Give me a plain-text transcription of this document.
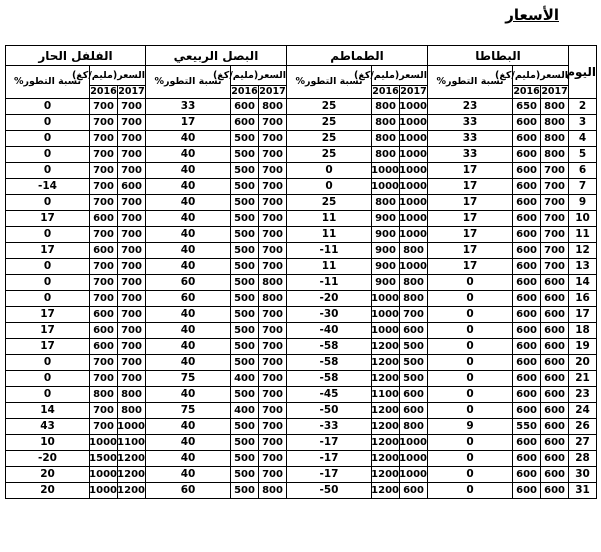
الأسعار
اليوم	البطاطا			الطماطم			البصل الربيعي			الفلفل الحار		
	السعر(مليم/كغ)		نسبة التطور%	السعر(مليم/كغ)		نسبة التطور%	السعر(مليم/كغ)		نسبة التطور%	السعر(مليم/كغ)		نسبة التطور%
	2017	2016		2017	2016		2017	2016		2017	2016	
2	800	650	23	1000	800	25	800	600	33	700	700	0
3	800	600	33	1000	800	25	700	600	17	700	700	0
4	800	600	33	1000	800	25	700	500	40	700	700	0
5	800	600	33	1000	800	25	700	500	40	700	700	0
6	700	600	17	1000	1000	0	700	500	40	700	700	0
7	700	600	17	1000	1000	0	700	500	40	600	700	14-
9	700	600	17	1000	800	25	700	500	40	700	700	0
10	700	600	17	1000	900	11	700	500	40	700	600	17
11	700	600	17	1000	900	11	700	500	40	700	700	0
12	700	600	17	800	900	11-	700	500	40	700	600	17
13	700	600	17	1000	900	11	700	500	40	700	700	0
14	600	600	0	800	900	11-	800	500	60	700	700	0
16	600	600	0	800	1000	20-	800	500	60	700	700	0
17	600	600	0	700	1000	30-	700	500	40	700	600	17
18	600	600	0	600	1000	40-	700	500	40	700	600	17
19	600	600	0	500	1200	58-	700	500	40	700	600	17
20	600	600	0	500	1200	58-	700	500	40	700	700	0
21	600	600	0	500	1200	58-	700	400	75	700	700	0
23	600	600	0	600	1100	45-	700	500	40	800	800	0
24	600	600	0	600	1200	50-	700	400	75	800	700	14
26	600	550	9	800	1200	33-	700	500	40	1000	700	43
27	600	600	0	1000	1200	17-	700	500	40	1100	1000	10
28	600	600	0	1000	1200	17-	700	500	40	1200	1500	20-
30	600	600	0	1000	1200	17-	700	500	40	1200	1000	20
31	600	600	0	600	1200	50-	800	500	60	1200	1000	20
